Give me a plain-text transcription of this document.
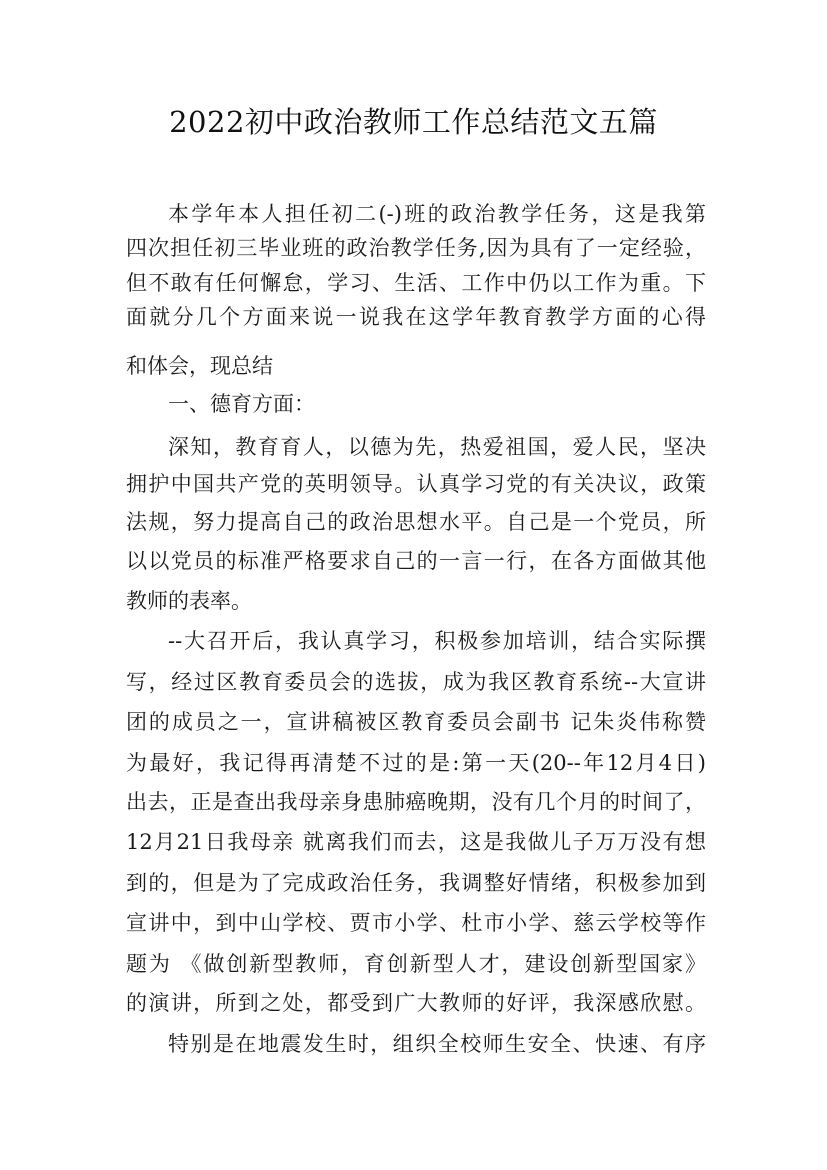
2022初中政治教师工作总结范文五篇
本学年本人担任初二(-)班的政治教学任务，这是我第
四次担任初三毕业班的政治教学任务,因为具有了一定经验，
但不敢有任何懈怠，学习、生活、工作中仍以工作为重。下
面就分几个方面来说一说我在这学年教育教学方面的心得
和体会，现总结
一、德育方面：
深知，教育育人，以德为先，热爱祖国，爱人民，坚决
拥护中国共产党的英明领导。认真学习党的有关决议，政策
法规，努力提高自己的政治思想水平。自己是一个党员，所
以以党员的标准严格要求自己的一言一行，在各方面做其他
教师的表率。
--大召开后，我认真学习，积极参加培训，结合实际撰
写，经过区教育委员会的选拔，成为我区教育系统--大宣讲
团的成员之一，宣讲稿被区教育委员会副书 记朱炎伟称赞
为最好，我记得再清楚不过的是:第一天(20--年12月4日)
出去，正是查出我母亲身患肺癌晚期，没有几个月的时间了，
12月21日我母亲 就离我们而去，这是我做儿子万万没有想
到的，但是为了完成政治任务，我调整好情绪，积极参加到
宣讲中，到中山学校、贾市小学、杜市小学、慈云学校等作
题为 《做创新型教师，育创新型人才，建设创新型国家》
的演讲，所到之处，都受到广大教师的好评，我深感欣慰。
特别是在地震发生时，组织全校师生安全、快速、有序
